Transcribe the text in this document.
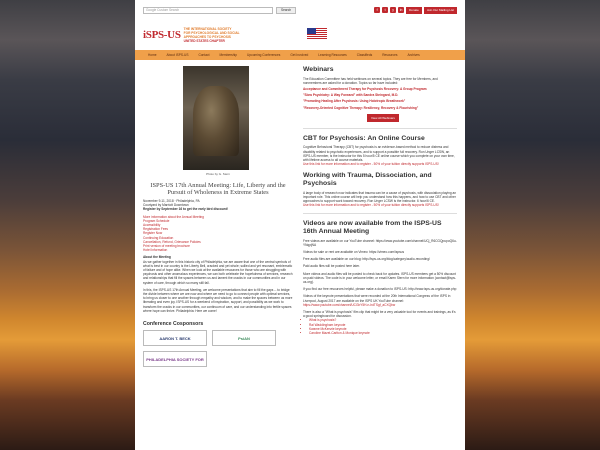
Google Custom Search	Search	f	t	y	in	Donate	Join Our Mailing List
iSPS-US THE INTERNATIONAL SOCIETY
FOR PSYCHOLOGICAL AND SOCIAL
APPROACHES TO PSYCHOSIS
UNITED STATES CHAPTER
Home	About ISPS-US	Contact	Membership	Upcoming Conferences	Get Involved	Learning Resources	Classifieds	Resources	Archives
Photo by G. Stern
ISPS-US 17th Annual Meeting: Life, Liberty and the Pursuit of Wholeness in Extreme States
November 9-11, 2018 · Philadelphia, PA
Courtyard by Marriott Downtown
Register by September 16 to get the early bird discount!
More information about the Annual Meeting
Program Schedule
Accessibility
Registration Fees
Register Now
Continuing Education
Cancellation, Refund, Grievance Policies
Print version of meeting brochure
Hotel Information
About the Meeting
As we gather together in this historic city of Philadelphia, we are aware that one of the central symbols of what is best in our country is the Liberty Bell, cracked and yet whole; sullied and yet resonant, emblematic of failure and of hope alike. When we look at the available resources for those who are struggling with psychosis and other anomalous experiences, we can both celebrate the hopefulness of services, research and relationships that fill the spaces between us and lament the cracks in our communities and in our system of care, through which so many still fall.
In this, the ISPS-US 17th Annual Meeting, we welcome presentations that aim to fill the gaps -- to bridge the divide between where we are now and where we need to go to connect people with optimal services, to bring us closer to one another through empathy and wisdom, and to make the spaces between us more liberating and even joy. ISPS-US for a weekend of inspiration, support, and possibility as we work to transform the cracks in our communities, our continuum of care, and our understanding into fertile spaces where hope can thrive. Philadelphia: Here we come!
Conference Cosponsors
AARON T. BECK	PsiAN
PHILADELPHIA SOCIETY FOR
Webinars
The Education Committee has held webinars on several topics. They are free for Members, and nonmembers are asked for a donation. Topics so far have included:
Acceptance and Commitment Therapy for Psychosis Recovery: A Group Program
"Slow Psychiatry: A Way Forward" with Sandra Steingard, M.D.
"Promoting Healing After Psychosis: Using Holotropic Breathwork"
"Recovery-Oriented Cognitive Therapy: Resiliency, Recovery & Flourishing"
View All Webinars
CBT for Psychosis: An Online Course
Cognitive Behavioral Therapy (CBT) for psychosis is an evidence-based method to reduce distress and disability related to psychotic experiences, and to support a possible full recovery. Ron Unger LCSW, an ISPS-US member, is the instructor for this 5 hour/5 CE online course which you complete on your own time, with lifetime access to all course materials.
Use this link for more information and to register - 50% of your tuition directly supports ISPS-US!
Working with Trauma, Dissociation, and Psychosis
A large body of research now indicates that trauma can be a cause of psychosis, with dissociation playing an important role. This online course will help you understand how this happens, and how to use CBT and other approaches to support work toward recovery. Ron Unger LCSW is the instructor. 6 hour/6 CE.
Use this link for more information and to register - 50% of your tuition directly supports ISPS-US!
Videos are now available from the ISPS-US 16th Annual Meeting
Free videos are available on our YouTube channel: https://www.youtube.com/channel/UCj_R6CGQpupoQ6u-YNqpjNA
Videos for sale or rent are available on Vimeo: https://vimeo.com/ispsus
Free audio files are available on our blog: http://isps-us.org/blog/category/audio-recording/
Paid audio files will be posted here later.
More videos and audio files will be posted to check back for updates. ISPS-US members get a 50% discount on paid videos. The code is in your welcome letter, or email Karen Stern for more information (contact@isps-us.org).
If you find our free resources helpful, please make a donation to ISPS-US: http://www.isps-us.org/donate.php
Videos of the keynote presentations that were recorded at the 20th International Congress of the ISPS in Liverpool, August 2017 are available on the ISPS UK YouTube channel:
https://www.youtube.com/channel/UCGbY5H-n-hdTSgf_aCXQbw
There is also a "What is psychosis" film clip that might be a very valuable tool for events and trainings, as it's a good springboard for discussion.
• What is psychosis?
• Rai Waddingham keynote
• Kwame McKenzie keynote
• Caroline Mazel-Carlton & Monique keynote
